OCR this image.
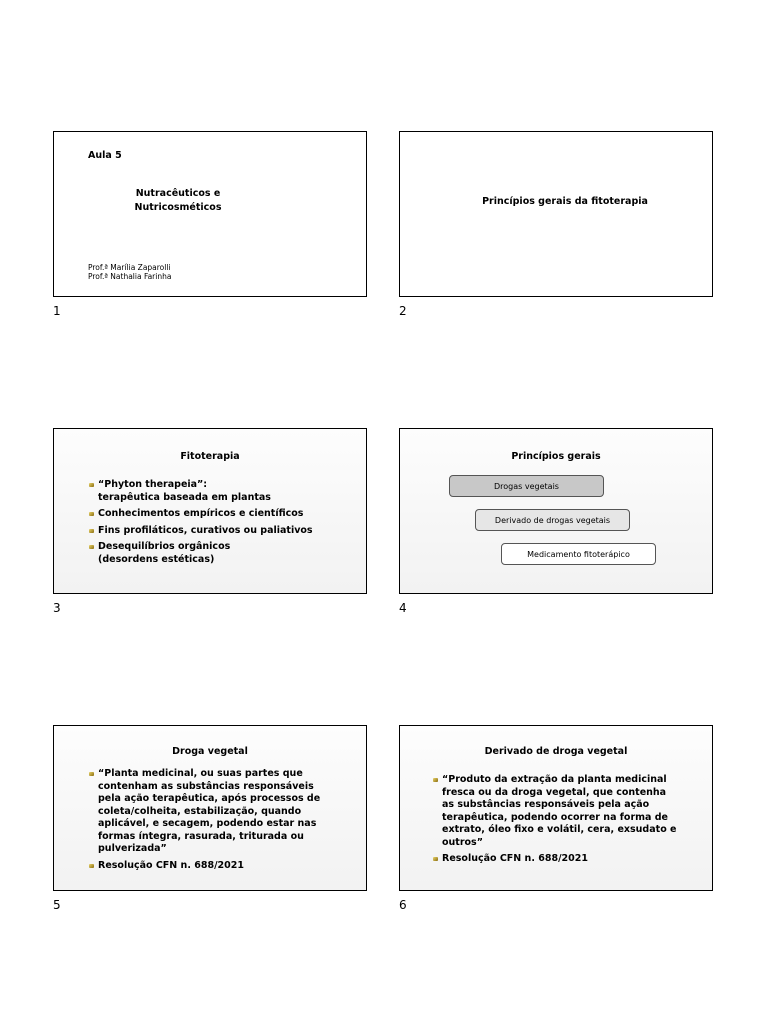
Aula 5
Nutracêuticos e
Nutricosméticos
Prof.ª Marília Zaparolli
Prof.ª Nathalia Farinha
1
Princípios gerais da fitoterapia
2
Fitoterapia
“Phyton therapeia”:
terapêutica baseada em plantas
Conhecimentos empíricos e científicos
Fins profiláticos, curativos ou paliativos
Desequilíbrios orgânicos
(desordens estéticas)
3
Princípios gerais
Drogas vegetais
Derivado de drogas vegetais
Medicamento fitoterápico
4
Droga vegetal
“Planta medicinal, ou suas partes que
contenham as substâncias responsáveis
pela ação terapêutica, após processos de
coleta/colheita, estabilização, quando
aplicável, e secagem, podendo estar nas
formas íntegra, rasurada, triturada ou
pulverizada”
Resolução CFN n. 688/2021
5
Derivado de droga vegetal
“Produto da extração da planta medicinal
fresca ou da droga vegetal, que contenha
as substâncias responsáveis pela ação
terapêutica, podendo ocorrer na forma de
extrato, óleo fixo e volátil, cera, exsudato e
outros”
Resolução CFN n. 688/2021
6
